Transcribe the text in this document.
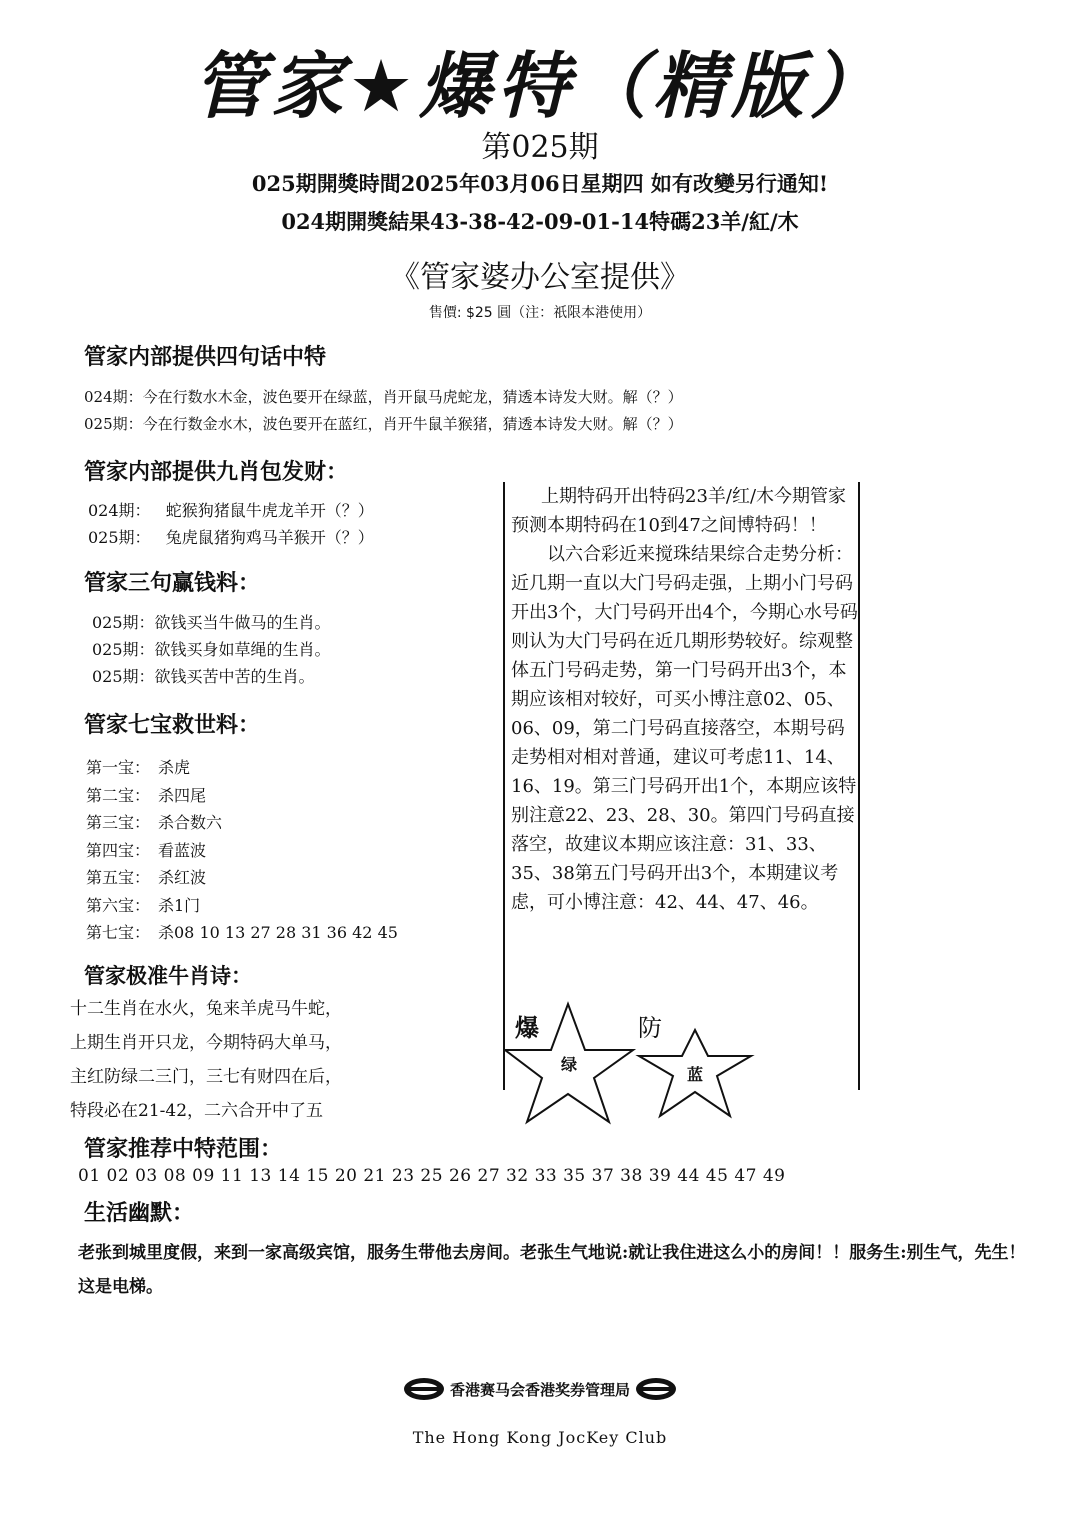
管家★爆特（精版）
第025期
025期開獎時間2025年03月06日星期四 如有改變另行通知!
024期開獎結果43-38-42-09-01-14特碼23羊/紅/木
《管家婆办公室提供》
售價: $25 圓（注：祇限本港使用）
管家内部提供四句话中特
024期：今在行数水木金，波色要开在绿蓝，肖开鼠马虎蛇龙，猜透本诗发大财。解（？）
025期：今在行数金水木，波色要开在蓝红，肖开牛鼠羊猴猪，猜透本诗发大财。解（？）
管家内部提供九肖包发财：
024期：   蛇猴狗猪鼠牛虎龙羊开（？）
025期：   兔虎鼠猪狗鸡马羊猴开（？）
管家三句赢钱料：
025期：欲钱买当牛做马的生肖。
025期：欲钱买身如草绳的生肖。
025期：欲钱买苦中苦的生肖。
管家七宝救世料：
第一宝： 杀虎
第二宝： 杀四尾
第三宝： 杀合数六
第四宝： 看蓝波
第五宝： 杀红波
第六宝： 杀1门
第七宝： 杀08 10 13 27 28 31 36 42 45
管家极准牛肖诗：
十二生肖在水火，兔来羊虎马牛蛇，
上期生肖开只龙，今期特码大单马，
主红防绿二三门，三七有财四在后，
特段必在21-42，二六合开中了五

上期特码开出特码23羊/红/木今期管家预测本期特码在10到47之间博特码！！

以六合彩近来搅珠结果综合走势分析：近几期一直以大门号码走强，上期小门号码开出3个，大门号码开出4个，今期心水号码则认为大门号码在近几期形势较好。综观整体五门号码走势，第一门号码开出3个，本期应该相对较好，可买小博注意02、05、06、09，第二门号码直接落空，本期号码走势相对相对普通，建议可考虑11、14、16、19。第三门号码开出1个，本期应该特别注意22、23、28、30。第四门号码直接落空，故建议本期应该注意：31、33、35、38第五门号码开出3个，本期建议考虑，可小博注意：42、44、47、46。

爆
绿
防
蓝
管家推荐中特范围：
01 02 03 08 09 11 13 14 15 20 21 23 25 26 27 32 33 35 37 38 39 44 45 47 49
生活幽默：
老张到城里度假，来到一家高级宾馆，服务生带他去房间。老张生气地说:就让我住进这么小的房间！！服务生:别生气，先生！这是电梯。
香港赛马会香港奖券管理局
The Hong Kong JocKey Club
